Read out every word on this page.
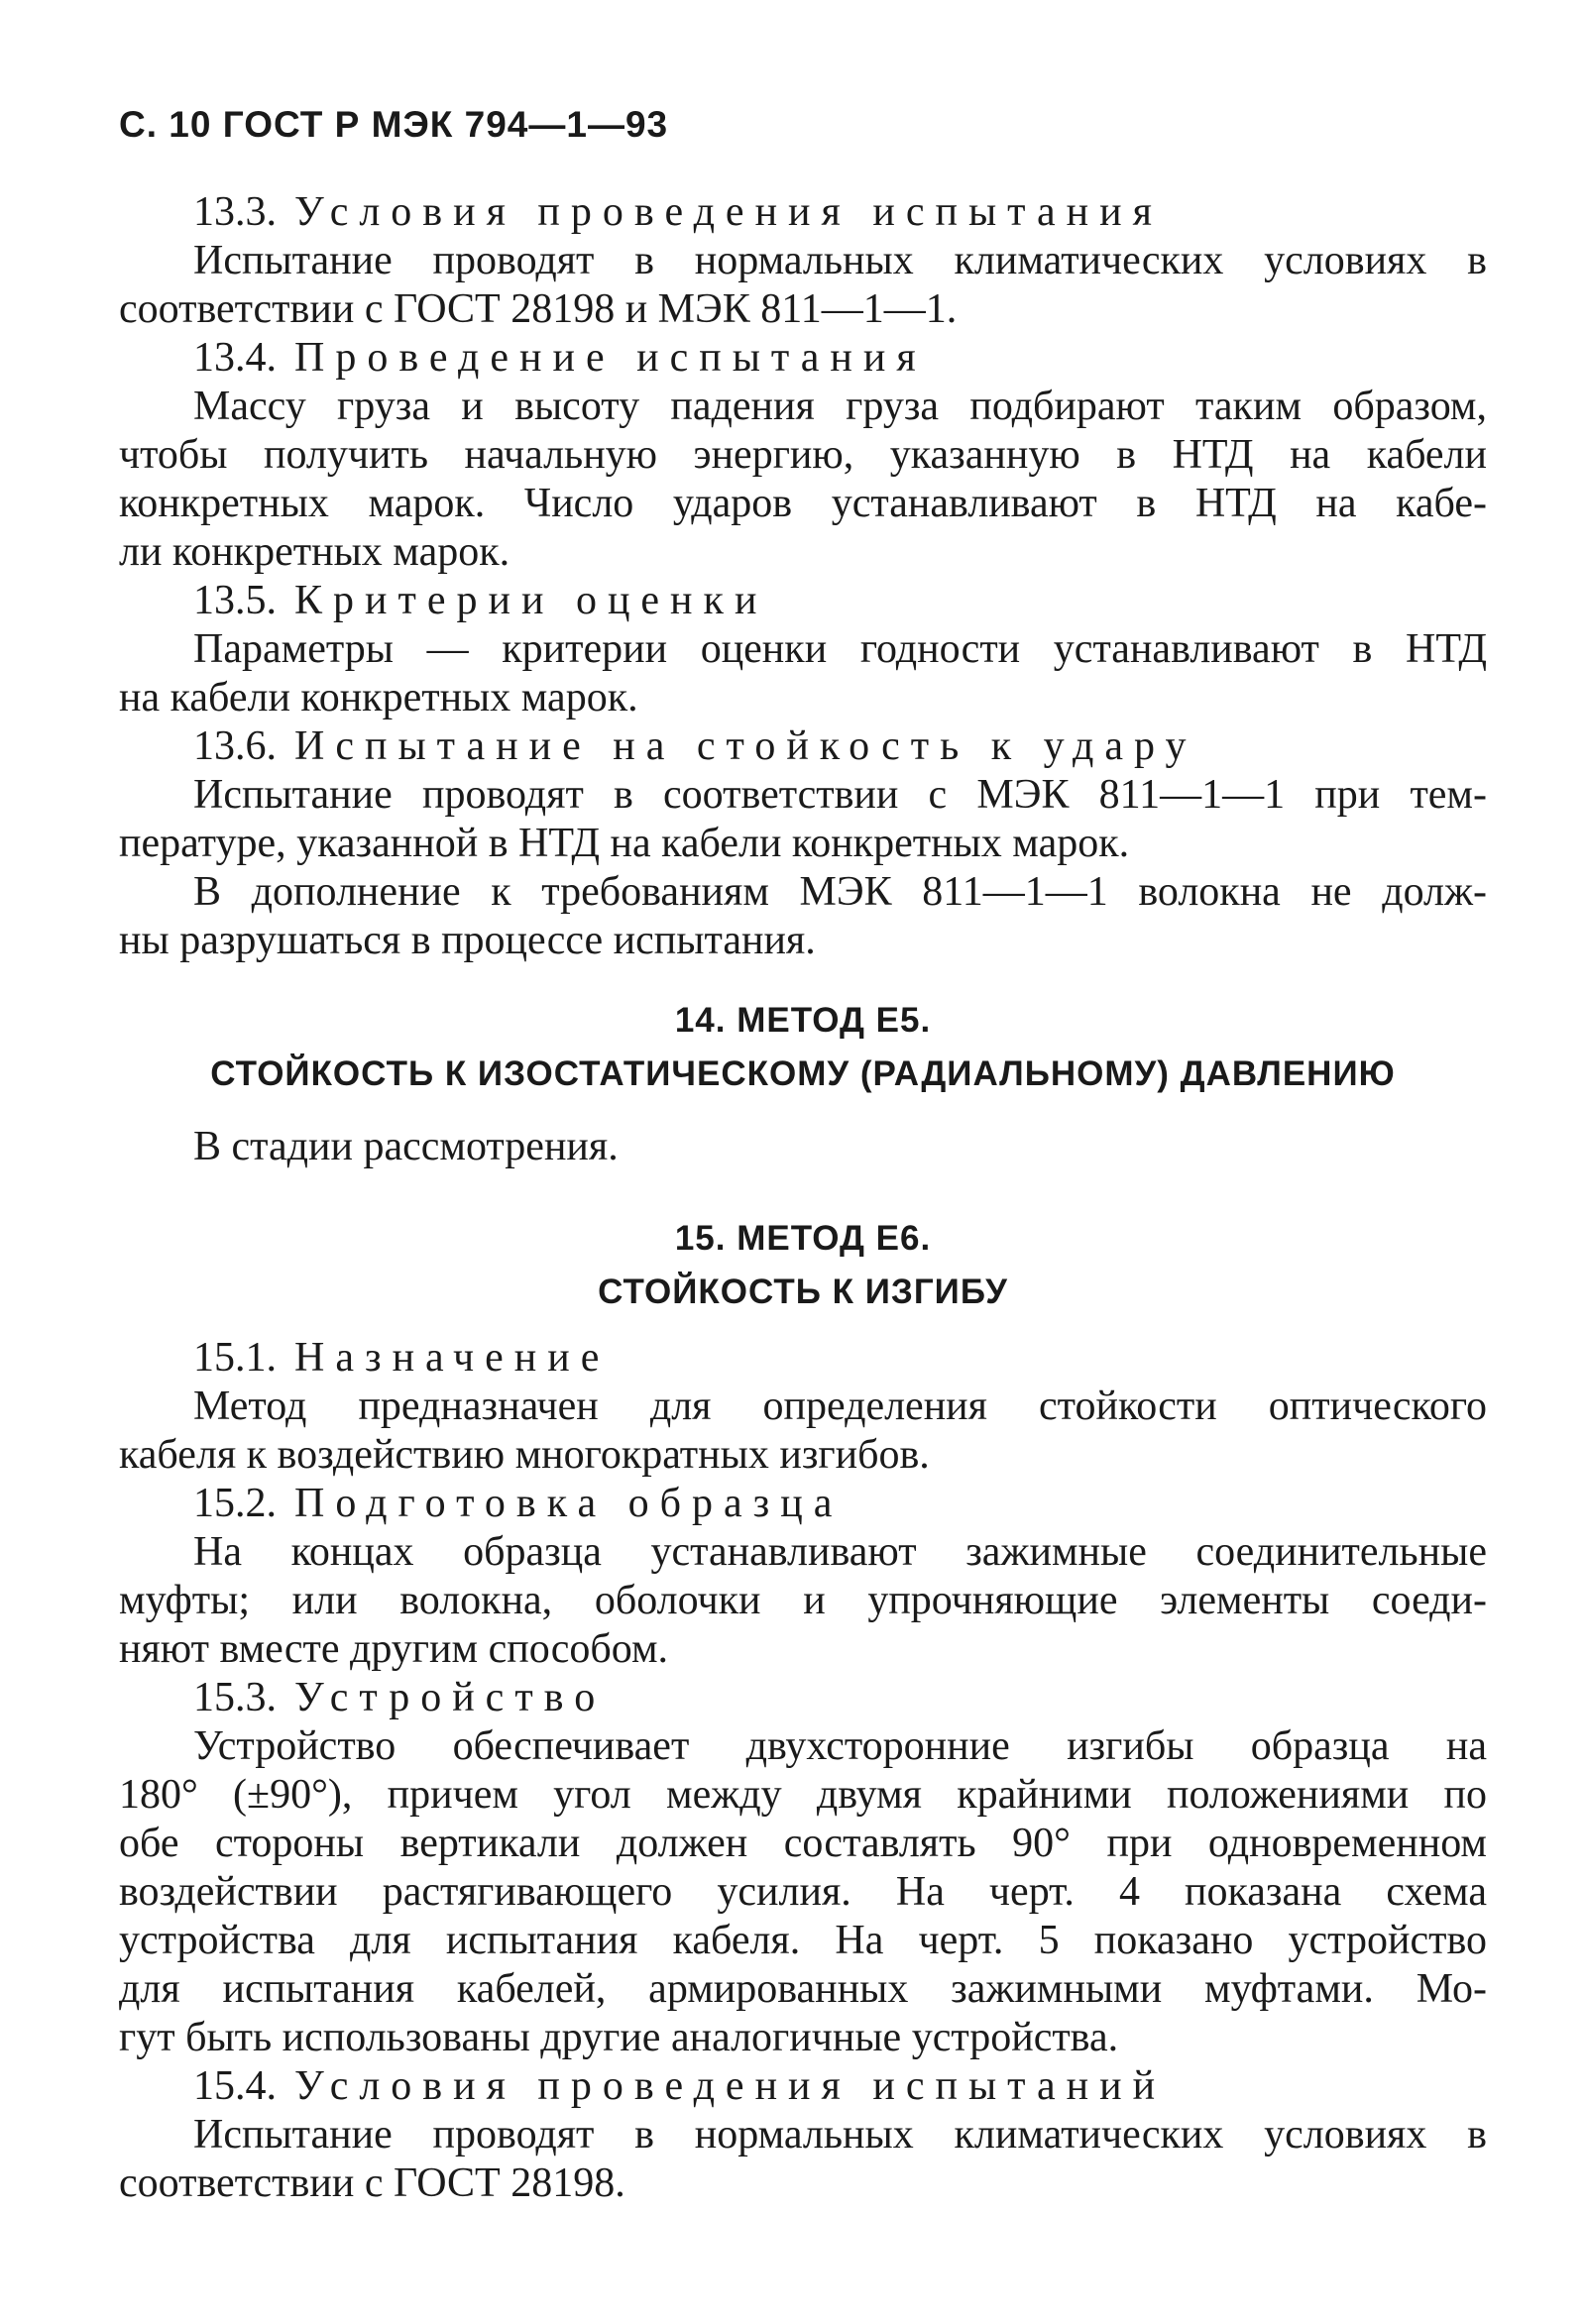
С. 10 ГОСТ Р МЭК 794—1—93
13.3. Условия проведения испытания
Испытание проводят в нормальных климатических условиях в
соответствии с ГОСТ 28198 и МЭК 811—1—1.
13.4. Проведение испытания
Массу груза и высоту падения груза подбирают таким образом,
чтобы получить начальную энергию, указанную в НТД на кабели
конкретных марок. Число ударов устанавливают в НТД на кабе-
ли конкретных марок.
13.5. Критерии оценки
Параметры — критерии оценки годности устанавливают в НТД
на кабели конкретных марок.
13.6. Испытание на стойкость к удару
Испытание проводят в соответствии с МЭК 811—1—1 при тем-
пературе, указанной в НТД на кабели конкретных марок.
В дополнение к требованиям МЭК 811—1—1 волокна не долж-
ны разрушаться в процессе испытания.
14. МЕТОД Е5.
СТОЙКОСТЬ К ИЗОСТАТИЧЕСКОМУ (РАДИАЛЬНОМУ) ДАВЛЕНИЮ
В стадии рассмотрения.
15. МЕТОД Е6.
СТОЙКОСТЬ К ИЗГИБУ
15.1. Назначение
Метод предназначен для определения стойкости оптического
кабеля к воздействию многократных изгибов.
15.2. Подготовка образца
На концах образца устанавливают зажимные соединительные
муфты; или волокна, оболочки и упрочняющие элементы соеди-
няют вместе другим способом.
15.3. Устройство
Устройство обеспечивает двухсторонние изгибы образца на
180° (±90°), причем угол между двумя крайними положениями по
обе стороны вертикали должен составлять 90° при одновременном
воздействии растягивающего усилия. На черт. 4 показана схема
устройства для испытания кабеля. На черт. 5 показано устройство
для испытания кабелей, армированных зажимными муфтами. Мо-
гут быть использованы другие аналогичные устройства.
15.4. Условия проведения испытаний
Испытание проводят в нормальных климатических условиях в
соответствии с ГОСТ 28198.
